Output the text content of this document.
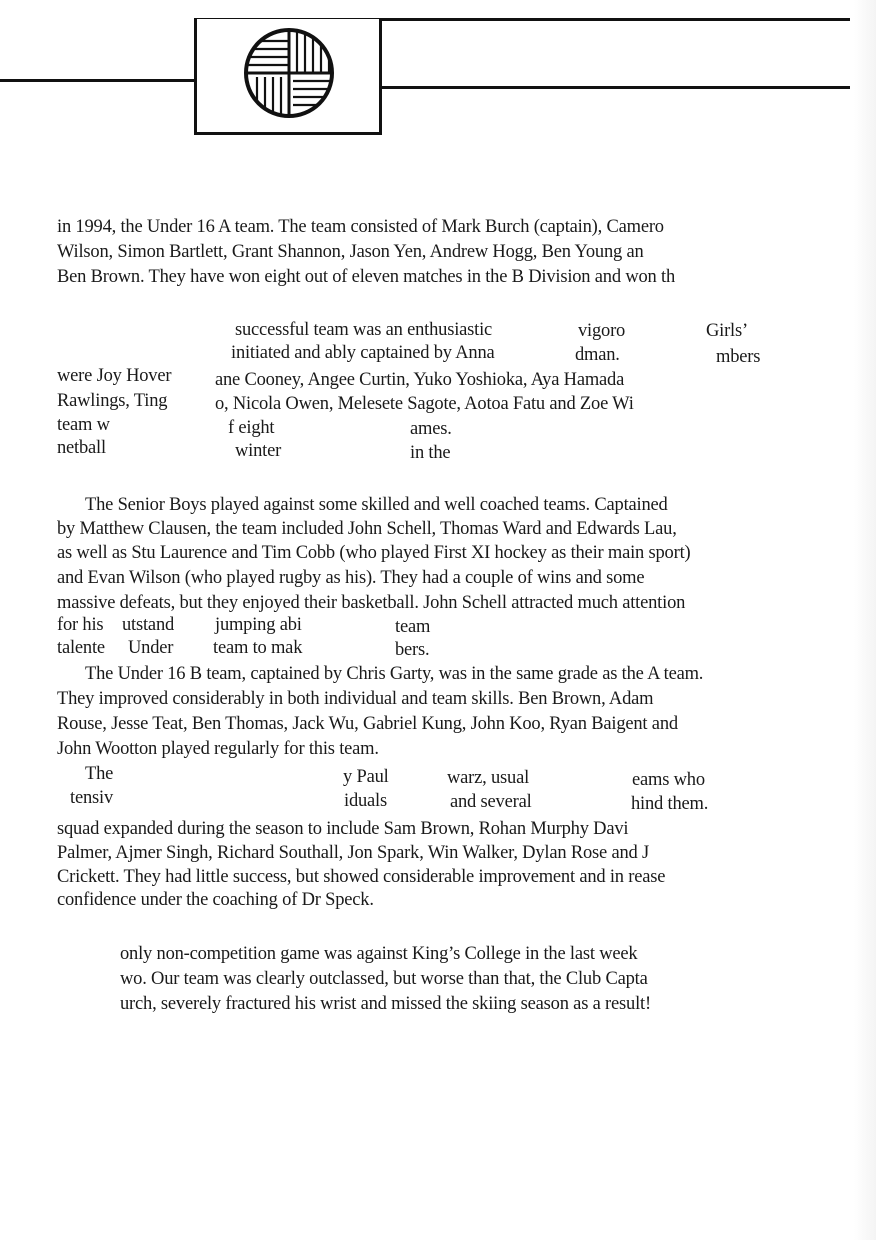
in 1994, the Under 16 A team. The team consisted of Mark Burch (captain), Camero
Wilson, Simon Bartlett, Grant Shannon, Jason Yen, Andrew Hogg, Ben Young an
Ben Brown. They have won eight out of eleven matches in the B Division and won th
successful team was an enthusiastic	vigoro	Girls’
initiated and ably captained by Anna	dman.	mbers
were Joy Hover ane Cooney, Angee Curtin, Yuko Yoshioka, Aya Hamada
Rawlings, Ting	o, Nicola Owen, Melesete Sagote, Aotoa Fatu and Zoe Wi
team w	f eight	ames.
netball	winter	in the
The Senior Boys played against some skilled and well coached teams. Captained
by Matthew Clausen, the team included John Schell, Thomas Ward and Edwards Lau,
as well as Stu Laurence and Tim Cobb (who played First XI hockey as their main sport)
and Evan Wilson (who played rugby as his). They had a couple of wins and some
massive defeats, but they enjoyed their basketball. John Schell attracted much attention
for his utstand jumping abi	team
talente Under team to mak	bers.
The Under 16 B team, captained by Chris Garty, was in the same grade as the A team.
They improved considerably in both individual and team skills. Ben Brown, Adam
Rouse, Jesse Teat, Ben Thomas, Jack Wu, Gabriel Kung, John Koo, Ryan Baigent and
John Wootton played regularly for this team.
The	y Paul	warz, usual	eams who
tensiv	iduals	and several	hind them.
squad expanded during the season to include Sam Brown, Rohan Murphy Davi
Palmer, Ajmer Singh, Richard Southall, Jon Spark, Win Walker, Dylan Rose and J
Crickett. They had little success, but showed considerable improvement and in rease
confidence under the coaching of Dr Speck.
only non-competition game was against King’s College in the last week
wo. Our team was clearly outclassed, but worse than that, the Club Capta
urch, severely fractured his wrist and missed the skiing season as a result!
